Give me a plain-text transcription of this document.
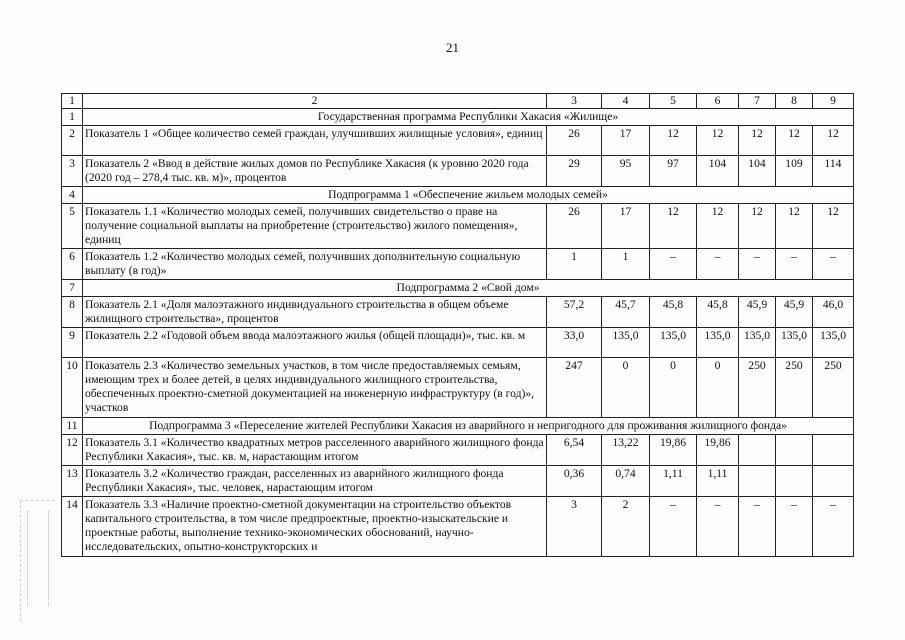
21
1	2	3	4	5	6	7	8	9
1	Государственная программа Республики Хакасия «Жилище»							
2	Показатель 1 «Общее количество семей граждан, улучшивших жилищные условия», единиц	26	17	12	12	12	12	12
3	Показатель 2 «Ввод в действие жилых домов по Республике Хакасия (к уровню 2020 года (2020 год – 278,4 тыс. кв. м)», процентов	29	95	97	104	104	109	114
4	Подпрограмма 1 «Обеспечение жильем молодых семей»							
5	Показатель 1.1 «Количество молодых семей, получивших свидетельство о праве на получение социальной выплаты на приобретение (строительство) жилого помещения», единиц	26	17	12	12	12	12	12
6	Показатель 1.2 «Количество молодых семей, получивших дополнительную социальную выплату (в год)»	1	1	–	–	–	–	–
7	Подпрограмма 2 «Свой дом»							
8	Показатель 2.1 «Доля малоэтажного индивидуального строительства в общем объеме жилищного строительства», процентов	57,2	45,7	45,8	45,8	45,9	45,9	46,0
9	Показатель 2.2 «Годовой объем ввода малоэтажного жилья (общей площади)», тыс. кв. м	33,0	135,0	135,0	135,0	135,0	135,0	135,0
10	Показатель 2.3 «Количество земельных участков, в том числе предоставляемых семьям, имеющим трех и более детей, в целях индивидуального жилищного строительства, обеспеченных проектно-сметной документацией на инженерную инфраструктуру (в год)», участков	247	0	0	0	250	250	250
11	Подпрограмма 3 «Переселение жителей Республики Хакасия из аварийного и непригодного для проживания жилищного фонда»							
12	Показатель 3.1 «Количество квадратных метров расселенного аварийного жилищного фонда Республики Хакасия», тыс. кв. м, нарастающим итогом	6,54	13,22	19,86	19,86			
13	Показатель 3.2 «Количество граждан, расселенных из аварийного жилищного фонда Республики Хакасия», тыс. человек, нарастающим итогом	0,36	0,74	1,11	1,11			
14	Показатель 3.3 «Наличие проектно-сметной документации на строительство объектов капитального строительства, в том числе предпроектные, проектно-изыскательские и проектные работы, выполнение технико-экономических обоснований, научно-исследовательских, опытно-конструкторских и	3	2	–	–	–	–	–
